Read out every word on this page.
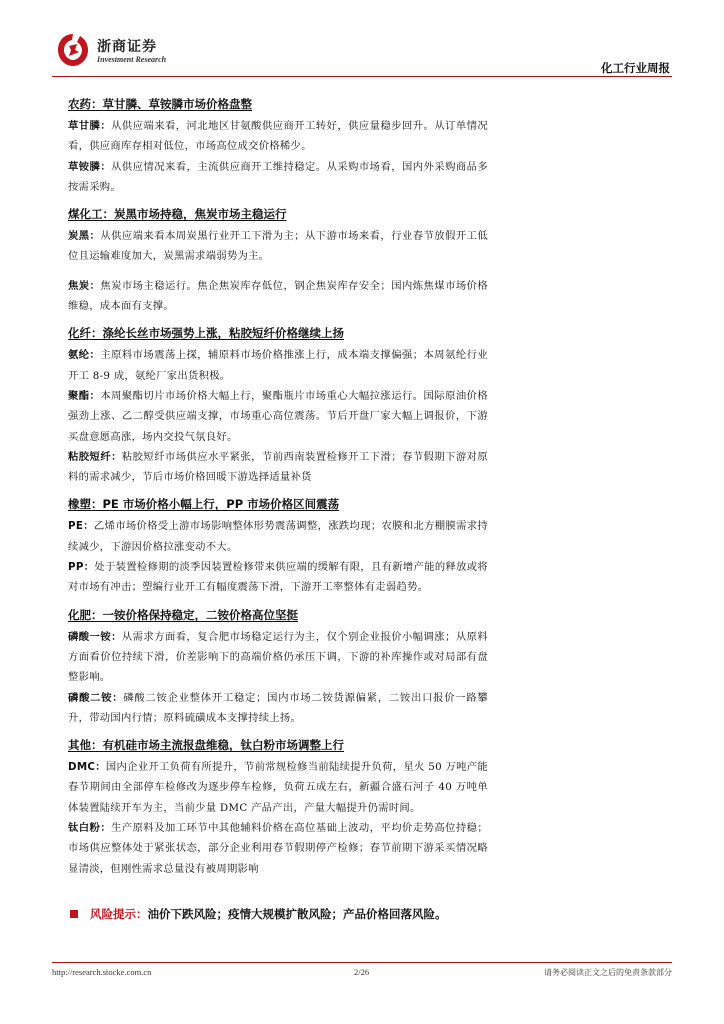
浙商证券
Investment Research
化工行业周报
农药：草甘膦、草铵膦市场价格盘整

草甘膦：从供应端来看，河北地区甘氨酸供应商开工转好，供应量稳步回升。从订单情况看，供应商库存相对低位，市场高位成交价格稀少。

草铵膦：从供应情况来看，主流供应商开工维持稳定。从采购市场看，国内外采购商品多按需采购。

煤化工：炭黑市场持稳，焦炭市场主稳运行

炭黑：从供应端来看本周炭黑行业开工下滑为主；从下游市场来看，行业春节放假开工低位且运输难度加大，炭黑需求端弱势为主。

焦炭：焦炭市场主稳运行。焦企焦炭库存低位，钢企焦炭库存安全；国内炼焦煤市场价格维稳，成本面有支撑。

化纤：涤纶长丝市场强势上涨，粘胶短纤价格继续上扬

氨纶：主原料市场震荡上探，辅原料市场价格推涨上行，成本端支撑偏强；本周氨纶行业开工 8-9 成，氨纶厂家出货积极。

聚酯：本周聚酯切片市场价格大幅上行，聚酯瓶片市场重心大幅拉涨运行。国际原油价格强劲上涨、乙二醇受供应端支撑，市场重心高位震荡。节后开盘厂家大幅上调报价，下游买盘意愿高涨，场内交投气氛良好。

粘胶短纤：粘胶短纤市场供应水平紧张，节前西南装置检修开工下滑；春节假期下游对原料的需求减少，节后市场价格回暖下游选择适量补货

橡塑：PE 市场价格小幅上行，PP 市场价格区间震荡

PE：乙烯市场价格受上游市场影响整体形势震荡调整，涨跌均现；农膜和北方棚膜需求持续减少，下游因价格拉涨变动不大。

PP：处于装置检修期的淡季因装置检修带来供应端的缓解有限，且有新增产能的释放或将对市场有冲击；塑编行业开工有幅度震荡下滑，下游开工率整体有走弱趋势。

化肥：一铵价格保持稳定，二铵价格高位坚挺

磷酸一铵：从需求方面看，复合肥市场稳定运行为主，仅个别企业报价小幅调涨；从原料方面看价位持续下滑，价差影响下的高端价格仍承压下调，下游的补库操作或对局部有盘整影响。

磷酸二铵：磷酸二铵企业整体开工稳定；国内市场二铵货源偏紧，二铵出口报价一路攀升，带动国内行情；原料硫磺成本支撑持续上扬。

其他：有机硅市场主流报盘维稳，钛白粉市场调整上行

DMC：国内企业开工负荷有所提升，节前常规检修当前陆续提升负荷，星火 50 万吨产能春节期间由全部停车检修改为逐步停车检修，负荷五成左右，新疆合盛石河子 40 万吨单体装置陆续开车为主，当前少量 DMC 产品产出，产量大幅提升仍需时间。

钛白粉：生产原料及加工环节中其他辅料价格在高位基础上波动，平均价走势高位持稳；市场供应整体处于紧张状态，部分企业利用春节假期停产检修；春节前期下游采买情况略显清淡，但刚性需求总量没有被周期影响

风险提示：油价下跌风险；疫情大规模扩散风险；产品价格回落风险。
http://research.stocke.com.cn	2/26	请务必阅读正文之后的免责条款部分
